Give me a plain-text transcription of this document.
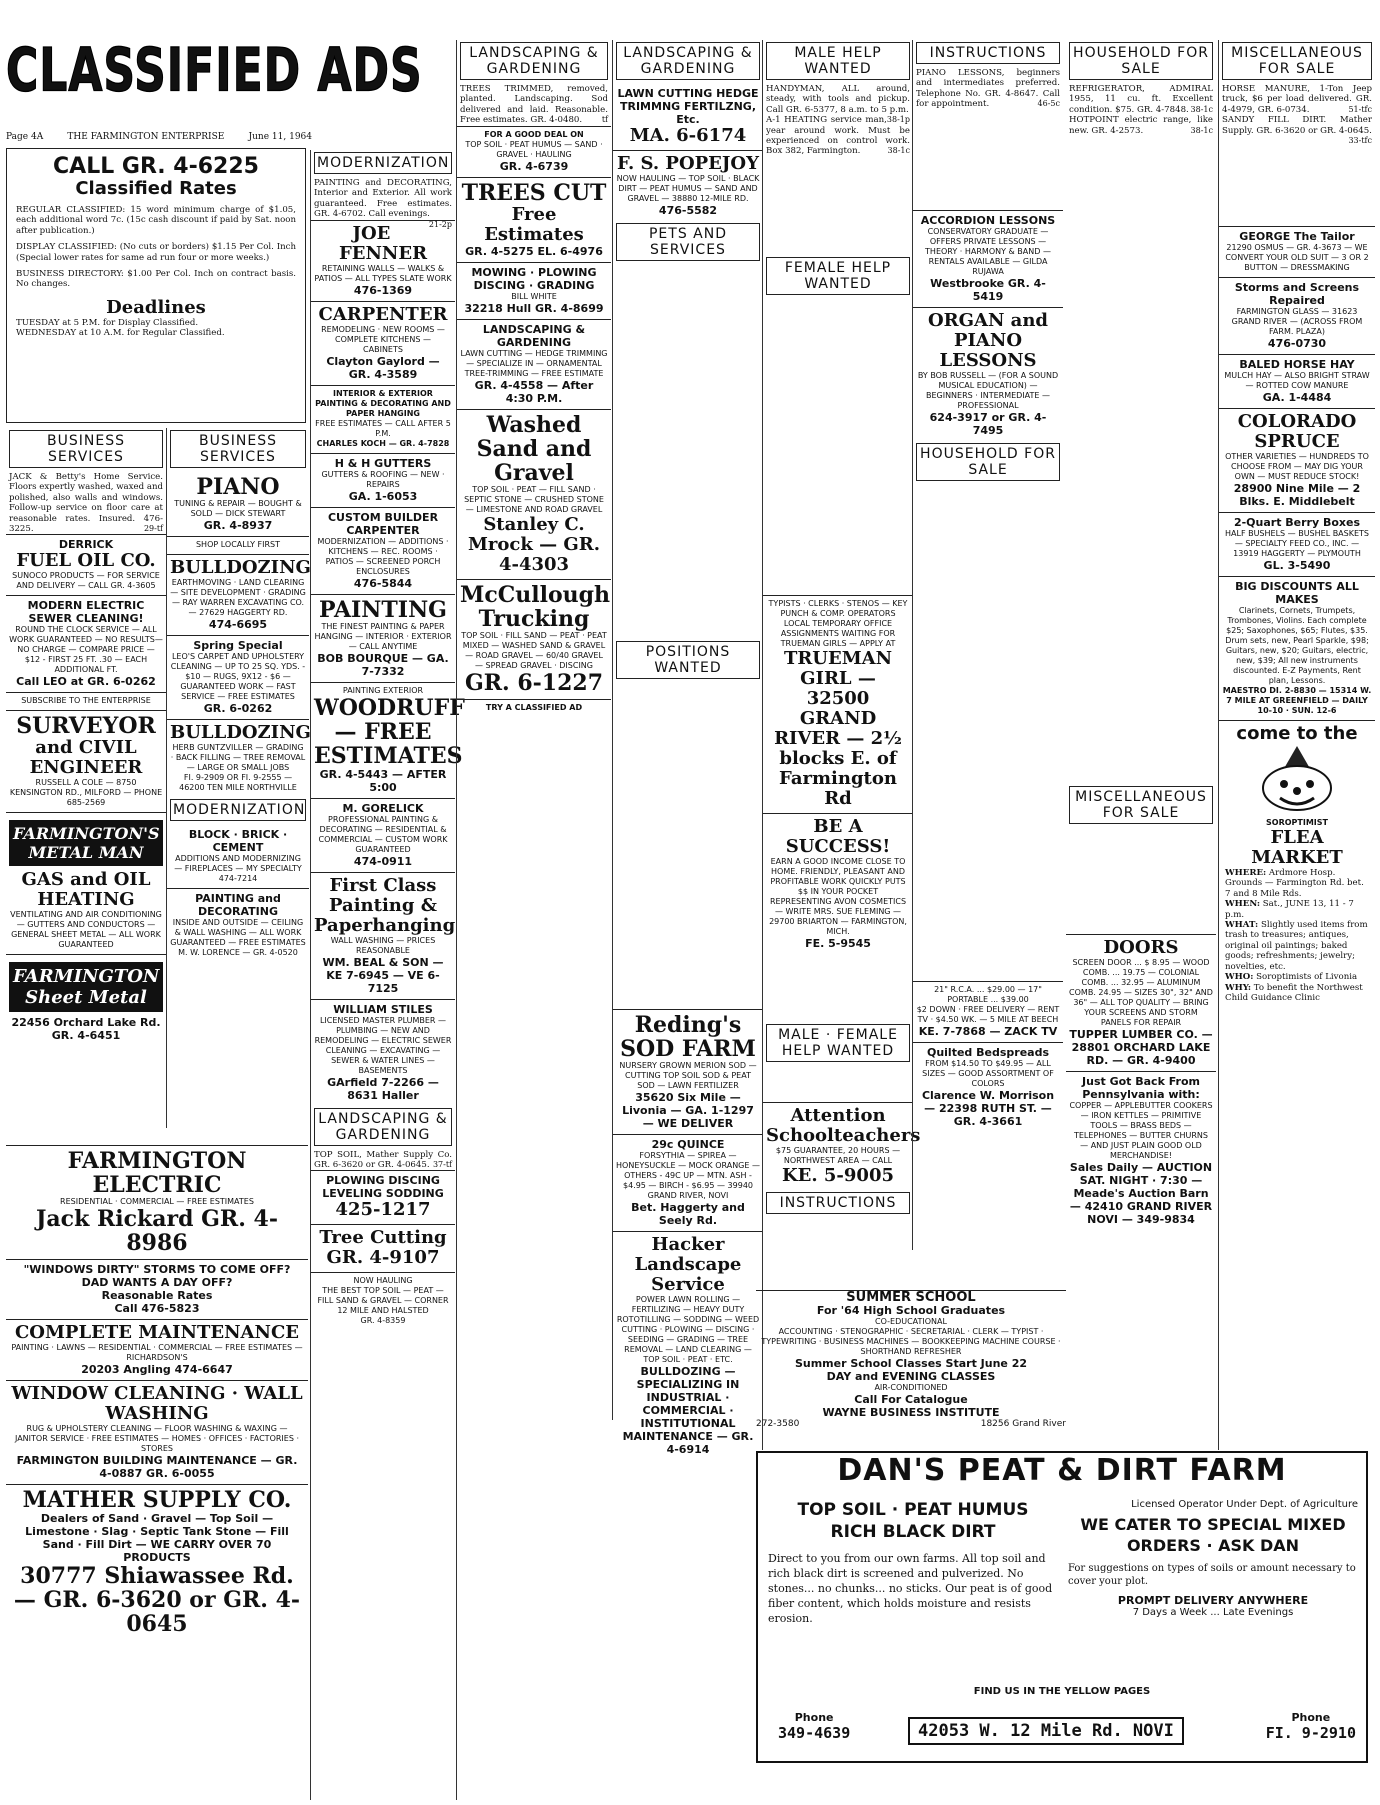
CLASSIFIED ADS
Page 4A	THE FARMINGTON ENTERPRISE	June 11, 1964
CALL GR. 4-6225
Classified Rates
REGULAR CLASSIFIED: 15 word minimum charge of $1.05, each additional word 7c. (15c cash discount if paid by Sat. noon after publication.)
DISPLAY CLASSIFIED: (No cuts or borders) $1.15 Per Col. Inch (Special lower rates for same ad run four or more weeks.)
BUSINESS DIRECTORY: $1.00 Per Col. Inch on contract basis. No changes.
Deadlines
TUESDAY at 5 P.M. for Display Classified.
WEDNESDAY at 10 A.M. for Regular Classified.
BUSINESS SERVICES
JACK & Betty's Home Service. Floors expertly washed, waxed and polished, also walls and windows. Follow-up service on floor care at reasonable rates. Insured. 476-3225.	29-tf
DERRICK
FUEL OIL CO.
SUNOCO PRODUCTS — FOR SERVICE AND DELIVERY — CALL GR. 4-3605
MODERN ELECTRIC SEWER CLEANING!
ROUND THE CLOCK SERVICE — ALL WORK GUARANTEED — NO RESULTS—NO CHARGE — COMPARE PRICE — $12 - FIRST 25 FT. .30 — EACH ADDITIONAL FT.
Call LEO at GR. 6-0262
SUBSCRIBE TO THE ENTERPRISE
SURVEYOR
and CIVIL ENGINEER
RUSSELL A COLE — 8750 KENSINGTON RD., MILFORD — PHONE 685-2569
FARMINGTON'S METAL MAN
GAS and OIL HEATING
VENTILATING AND AIR CONDITIONING — GUTTERS AND CONDUCTORS — GENERAL SHEET METAL — ALL WORK GUARANTEED
FARMINGTON Sheet Metal
22456 Orchard Lake Rd.
GR. 4-6451
BUSINESS SERVICES
PIANO
TUNING & REPAIR — BOUGHT & SOLD — DICK STEWART
GR. 4-8937
SHOP LOCALLY FIRST
BULLDOZING
EARTHMOVING · LAND CLEARING — SITE DEVELOPMENT · GRADING — RAY WARREN EXCAVATING CO. — 27629 HAGGERTY RD.
474-6695
Spring Special
LEO'S CARPET AND UPHOLSTERY CLEANING — UP TO 25 SQ. YDS. - $10 — RUGS, 9X12 - $6 — GUARANTEED WORK — FAST SERVICE — FREE ESTIMATES
GR. 6-0262
BULLDOZING
HERB GUNTZVILLER — GRADING · BACK FILLING — TREE REMOVAL — LARGE OR SMALL JOBS
FI. 9-2909 OR FI. 9-2555 — 46200 TEN MILE NORTHVILLE
MODERNIZATION
BLOCK · BRICK · CEMENT
ADDITIONS AND MODERNIZING — FIREPLACES — MY SPECIALTY
474-7214
PAINTING and DECORATING
INSIDE AND OUTSIDE — CEILING & WALL WASHING — ALL WORK GUARANTEED — FREE ESTIMATES
M. W. LORENCE — GR. 4-0520
FARMINGTON ELECTRIC
RESIDENTIAL · COMMERCIAL — FREE ESTIMATES
Jack Rickard GR. 4-8986
"WINDOWS DIRTY" STORMS TO COME OFF? DAD WANTS A DAY OFF?
Reasonable Rates
Call 476-5823
COMPLETE MAINTENANCE
PAINTING · LAWNS — RESIDENTIAL · COMMERCIAL — FREE ESTIMATES — RICHARDSON'S
20203 Angling 474-6647
WINDOW CLEANING · WALL WASHING
RUG & UPHOLSTERY CLEANING — FLOOR WASHING & WAXING — JANITOR SERVICE · FREE ESTIMATES — HOMES · OFFICES · FACTORIES · STORES
FARMINGTON BUILDING MAINTENANCE — GR. 4-0887 GR. 6-0055
MATHER SUPPLY CO.
Dealers of Sand · Gravel — Top Soil — Limestone · Slag · Septic Tank Stone — Fill Sand · Fill Dirt — WE CARRY OVER 70 PRODUCTS
30777 Shiawassee Rd. — GR. 6-3620 or GR. 4-0645
MODERNIZATION
PAINTING and DECORATING, Interior and Exterior. All work guaranteed. Free estimates. GR. 4-6702. Call evenings.
21-2p
JOE FENNER
RETAINING WALLS — WALKS & PATIOS — ALL TYPES SLATE WORK
476-1369
CARPENTER
REMODELING · NEW ROOMS — COMPLETE KITCHENS — CABINETS
Clayton Gaylord — GR. 4-3589
INTERIOR & EXTERIOR PAINTING & DECORATING AND PAPER HANGING
FREE ESTIMATES — CALL AFTER 5 P.M.
CHARLES KOCH — GR. 4-7828
H & H GUTTERS
GUTTERS & ROOFING — NEW · REPAIRS
GA. 1-6053
CUSTOM BUILDER CARPENTER
MODERNIZATION — ADDITIONS · KITCHENS — REC. ROOMS · PATIOS — SCREENED PORCH ENCLOSURES
476-5844
PAINTING
THE FINEST PAINTING & PAPER HANGING — INTERIOR · EXTERIOR — CALL ANYTIME
BOB BOURQUE — GA. 7-7332
PAINTING EXTERIOR
WOODRUFF — FREE ESTIMATES
GR. 4-5443 — AFTER 5:00
M. GORELICK
PROFESSIONAL PAINTING & DECORATING — RESIDENTIAL & COMMERCIAL — CUSTOM WORK GUARANTEED
474-0911
First Class Painting & Paperhanging
WALL WASHING — PRICES REASONABLE
WM. BEAL & SON — KE 7-6945 — VE 6-7125
WILLIAM STILES
LICENSED MASTER PLUMBER — PLUMBING — NEW AND REMODELING — ELECTRIC SEWER CLEANING — EXCAVATING — SEWER & WATER LINES — BASEMENTS
GArfield 7-2266 — 8631 Haller
LANDSCAPING & GARDENING
TOP SOIL, Mather Supply Co. GR. 6-3620 or GR. 4-0645. 37-tf
PLOWING DISCING LEVELING SODDING
425-1217
Tree Cutting
GR. 4-9107
NOW HAULING
THE BEST TOP SOIL — PEAT — FILL SAND & GRAVEL — CORNER 12 MILE AND HALSTED
GR. 4-8359
LANDSCAPING & GARDENING
TREES TRIMMED, removed, planted. Landscaping. Sod delivered and laid. Reasonable. Free estimates. GR. 4-0480. tf
FOR A GOOD DEAL ON
TOP SOIL · PEAT HUMUS — SAND · GRAVEL · HAULING
GR. 4-6739
TREES CUT
Free Estimates
GR. 4-5275 EL. 6-4976
MOWING · PLOWING DISCING · GRADING
BILL WHITE
32218 Hull GR. 4-8699
LANDSCAPING & GARDENING
LAWN CUTTING — HEDGE TRIMMING — SPECIALIZE IN — ORNAMENTAL TREE-TRIMMING — FREE ESTIMATE
GR. 4-4558 — After 4:30 P.M.
Washed Sand and Gravel
TOP SOIL · PEAT — FILL SAND · SEPTIC STONE — CRUSHED STONE — LIMESTONE AND ROAD GRAVEL
Stanley C. Mrock — GR. 4-4303
McCullough Trucking
TOP SOIL · FILL SAND — PEAT · PEAT MIXED — WASHED SAND & GRAVEL — ROAD GRAVEL — 60/40 GRAVEL — SPREAD GRAVEL · DISCING
GR. 6-1227
TRY A CLASSIFIED AD
LANDSCAPING & GARDENING
LAWN CUTTING HEDGE TRIMMNG FERTILZNG, Etc.
MA. 6-6174
F. S. POPEJOY
NOW HAULING — TOP SOIL · BLACK DIRT — PEAT HUMUS — SAND AND GRAVEL — 38880 12-MILE RD.
476-5582
PETS AND SERVICES
POSITIONS WANTED
Reding's SOD FARM
NURSERY GROWN MERION SOD — CUTTING TOP SOIL SOD & PEAT SOD — LAWN FERTILIZER
35620 Six Mile — Livonia — GA. 1-1297 — WE DELIVER
29c QUINCE
FORSYTHIA — SPIREA — HONEYSUCKLE — MOCK ORANGE — OTHERS - 49C UP — MTN. ASH - $4.95 — BIRCH - $6.95 — 39940 GRAND RIVER, NOVI
Bet. Haggerty and Seely Rd.
Hacker Landscape Service
POWER LAWN ROLLING — FERTILIZING — HEAVY DUTY ROTOTILLING — SODDING — WEED CUTTING · PLOWING — DISCING · SEEDING — GRADING — TREE REMOVAL — LAND CLEARING — TOP SOIL · PEAT · ETC.
BULLDOZING — SPECIALIZING IN INDUSTRIAL · COMMERCIAL · INSTITUTIONAL MAINTENANCE — GR. 4-6914
MALE HELP WANTED
HANDYMAN, ALL around, steady, with tools and pickup. Call GR. 6-5377, 8 a.m. to 5 p.m.
38-1p
A-1 HEATING service man, year around work. Must be experienced on control work. Box 382, Farmington.	38-1c
FEMALE HELP WANTED
TYPISTS · CLERKS · STENOS — KEY PUNCH & COMP. OPERATORS
LOCAL TEMPORARY OFFICE ASSIGNMENTS WAITING FOR TRUEMAN GIRLS — APPLY AT
TRUEMAN GIRL — 32500 GRAND RIVER — 2½ blocks E. of Farmington Rd
BE A SUCCESS!
EARN A GOOD INCOME CLOSE TO HOME. FRIENDLY, PLEASANT AND PROFITABLE WORK QUICKLY PUTS $$ IN YOUR POCKET REPRESENTING AVON COSMETICS — WRITE MRS. SUE FLEMING — 29700 BRIARTON — FARMINGTON, MICH.
FE. 5-9545
MALE · FEMALE HELP WANTED
Attention Schoolteachers
$75 GUARANTEE, 20 HOURS — NORTHWEST AREA — CALL
KE. 5-9005
INSTRUCTIONS
INSTRUCTIONS
PIANO LESSONS, beginners and intermediates preferred. Telephone No. GR. 4-8647. Call for appointment.	46-5c
ACCORDION LESSONS
CONSERVATORY GRADUATE — OFFERS PRIVATE LESSONS — THEORY · HARMONY & BAND — RENTALS AVAILABLE — GILDA RUJAWA
Westbrooke GR. 4-5419
ORGAN and PIANO LESSONS
BY BOB RUSSELL — (FOR A SOUND MUSICAL EDUCATION) — BEGINNERS · INTERMEDIATE — PROFESSIONAL
624-3917 or GR. 4-7495
HOUSEHOLD FOR SALE
21" R.C.A. ... $29.00 — 17" PORTABLE ... $39.00
$2 DOWN · FREE DELIVERY — RENT TV · $4.50 WK. — 5 MILE AT BEECH
KE. 7-7868 — ZACK TV
Quilted Bedspreads
FROM $14.50 TO $49.95 — ALL SIZES — GOOD ASSORTMENT OF COLORS
Clarence W. Morrison — 22398 RUTH ST. — GR. 4-3661
SUMMER SCHOOL
For '64 High School Graduates
CO-EDUCATIONAL
ACCOUNTING · STENOGRAPHIC · SECRETARIAL · CLERK — TYPIST · TYPEWRITING · BUSINESS MACHINES — BOOKKEEPING MACHINE COURSE · SHORTHAND REFRESHER
Summer School Classes Start June 22
DAY and EVENING CLASSES
AIR-CONDITIONED
Call For Catalogue
WAYNE BUSINESS INSTITUTE
272-3580	18256 Grand River
HOUSEHOLD FOR SALE
REFRIGERATOR, ADMIRAL 1955, 11 cu. ft. Excellent condition. $75. GR. 4-7848. 38-1c
HOTPOINT electric range, like new. GR. 4-2573.	38-1c
MISCELLANEOUS FOR SALE
DOORS
SCREEN DOOR ... $ 8.95 — WOOD COMB. ... 19.75 — COLONIAL COMB. ... 32.95 — ALUMINUM COMB. 24.95 — SIZES 30", 32" AND 36" — ALL TOP QUALITY — BRING YOUR SCREENS AND STORM PANELS FOR REPAIR
TUPPER LUMBER CO. — 28801 ORCHARD LAKE RD. — GR. 4-9400
Just Got Back From Pennsylvania with:
COPPER — APPLEBUTTER COOKERS — IRON KETTLES — PRIMITIVE TOOLS — BRASS BEDS — TELEPHONES — BUTTER CHURNS — AND JUST PLAIN GOOD OLD MERCHANDISE!
Sales Daily — AUCTION SAT. NIGHT · 7:30 — Meade's Auction Barn — 42410 GRAND RIVER NOVI — 349-9834
MISCELLANEOUS FOR SALE
HORSE MANURE, 1-Ton Jeep truck, $6 per load delivered. GR. 4-4979, GR. 6-0734.	51-tfc
SANDY FILL DIRT. Mather Supply. GR. 6-3620 or GR. 4-0645.
33-tfc
GEORGE The Tailor
21290 OSMUS — GR. 4-3673 — WE CONVERT YOUR OLD SUIT — 3 OR 2 BUTTON — DRESSMAKING
Storms and Screens Repaired
FARMINGTON GLASS — 31623 GRAND RIVER — (ACROSS FROM FARM. PLAZA)
476-0730
BALED HORSE HAY
MULCH HAY — ALSO BRIGHT STRAW — ROTTED COW MANURE
GA. 1-4484
COLORADO SPRUCE
OTHER VARIETIES — HUNDREDS TO CHOOSE FROM — MAY DIG YOUR OWN — MUST REDUCE STOCK!
28900 Nine Mile — 2 Blks. E. Middlebelt
2-Quart Berry Boxes
HALF BUSHELS — BUSHEL BASKETS — SPECIALTY FEED CO., INC. — 13919 HAGGERTY — PLYMOUTH
GL. 3-5490
BIG DISCOUNTS ALL MAKES
Clarinets, Cornets, Trumpets, Trombones, Violins. Each complete $25; Saxophones, $65; Flutes, $35. Drum sets, new, Pearl Sparkle, $98; Guitars, new, $20; Guitars, electric, new, $39; All new instruments discounted. E-Z Payments, Rent plan, Lessons.
MAESTRO DI. 2-8830 — 15314 W. 7 MILE AT GREENFIELD — DAILY 10-10 · SUN. 12-6
come to the
SOROPTIMIST
FLEA MARKET
WHERE: Ardmore Hosp. Grounds — Farmington Rd. bet. 7 and 8 Mile Rds.
WHEN: Sat., JUNE 13, 11 - 7 p.m.
WHAT: Slightly used items from trash to treasures; antiques, original oil paintings; baked goods; refreshments; jewelry; novelties, etc.
WHO: Soroptimists of Livonia
WHY: To benefit the Northwest Child Guidance Clinic
DAN'S PEAT & DIRT FARM
TOP SOIL · PEAT HUMUS
RICH BLACK DIRT
Direct to you from our own farms. All top soil and rich black dirt is screened and pulverized. No stones... no chunks... no sticks. Our peat is of good fiber content, which holds moisture and resists erosion.
Licensed Operator Under Dept. of Agriculture
WE CATER TO SPECIAL MIXED ORDERS · ASK DAN
For suggestions on types of soils or amount necessary to cover your plot.
PROMPT DELIVERY ANYWHERE
7 Days a Week ... Late Evenings
FIND US IN THE YELLOW PAGES
Phone
349-4639	42053 W. 12 Mile Rd. NOVI
Phone
FI. 9-2910
